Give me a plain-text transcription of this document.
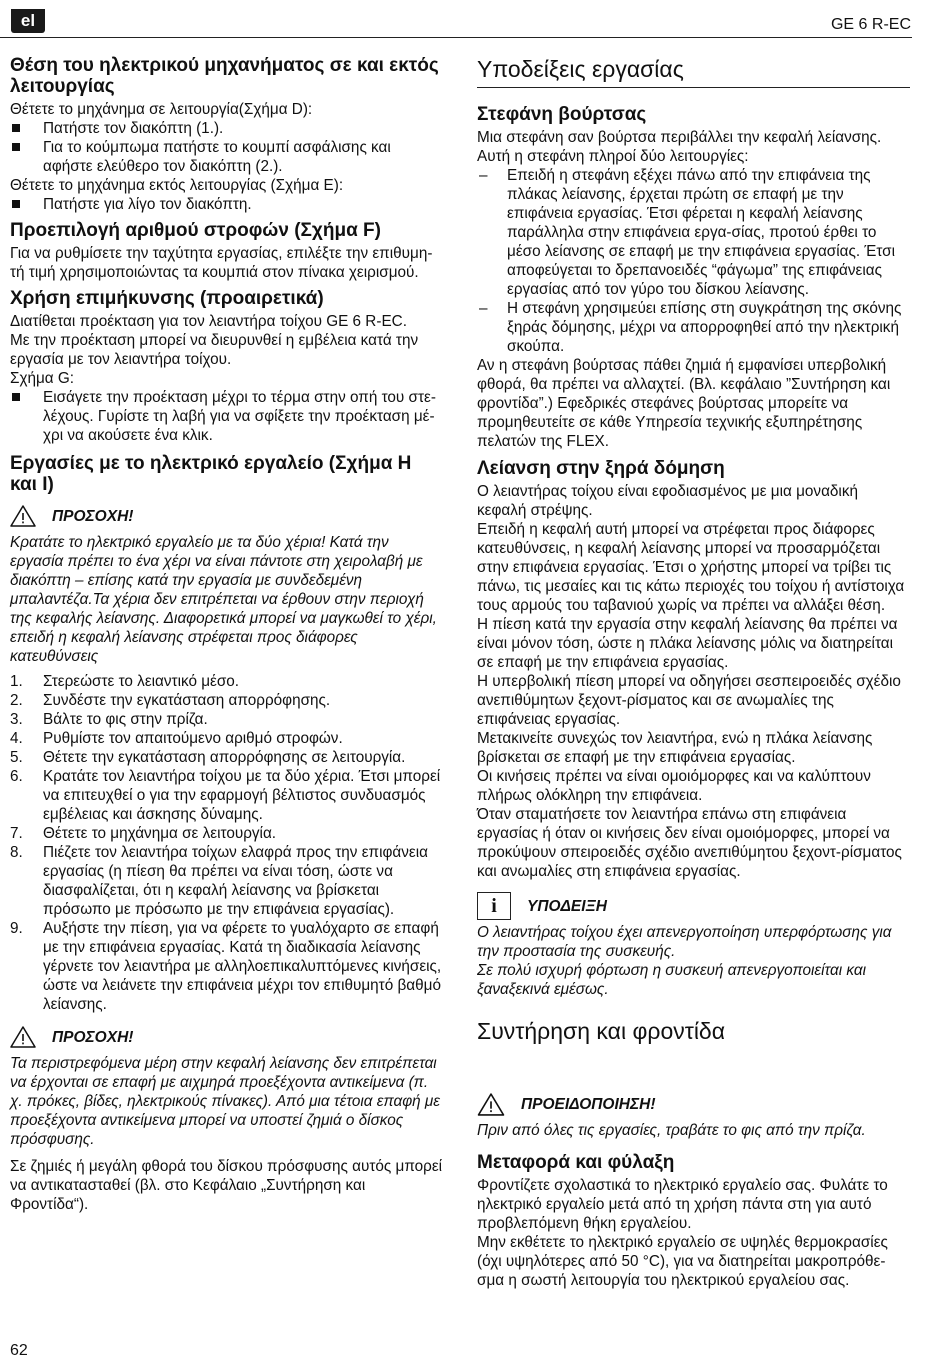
el	GE 6 R-EC
Θέση του ηλεκτρικού μηχανήματος σε και εκτός λειτουργίας
Θέτετε το μηχάνημα σε λειτουργία(Σχήμα D):
Πατήστε τον διακόπτη (1.).
Για το κούμπωμα πατήστε το κουμπί ασφάλισης και αφήστε ελεύθερο τον διακόπτη (2.).
Θέτετε το μηχάνημα εκτός λειτουργίας (Σχήμα E):
Πατήστε για λίγο τον διακόπτη.
Προεπιλογή αριθμού στροφών (Σχήμα F)

Για να ρυθμίσετε την ταχύτητα εργασίας, επιλέξτε την επιθυμη-τή τιμή χρησιμοποιώντας τα κουμπιά στον πίνακα χειρισμού.

Χρήση επιμήκυνσης (προαιρετικά)
Διατίθεται προέκταση για τον λειαντήρα τοίχου GE 6 R-EC.
Με την προέκταση μπορεί να διευρυνθεί η εμβέλεια κατά την εργασία με τον λειαντήρα τοίχου.
Σχήμα G:
Εισάγετε την προέκταση μέχρι το τέρμα στην οπή του στε-λέχους. Γυρίστε τη λαβή για να σφίξετε την προέκταση μέ-χρι να ακούσετε ένα κλικ.
Εργασίες με το ηλεκτρικό εργαλείο (Σχήμα H και I)
ΠΡΟΣΟΧΗ!

Κρατάτε το ηλεκτρικό εργαλείο με τα δύο χέρια! Κατά την εργασία πρέπει το ένα χέρι να είναι πάντοτε στη χειρολαβή με διακόπτη – επίσης κατά την εργασία με συνδεδεμένη μπαλαντέζα.Τα χέρια δεν επιτρέπεται να έρθουν στην περιοχή της κεφαλής λείανσης. Διαφορετικά μπορεί να μαγκωθεί το χέρι, επειδή η κεφαλή λείανσης στρέφεται προς διάφορες κατευθύνσεις

1. Στερεώστε το λειαντικό μέσο.
2. Συνδέστε την εγκατάσταση απορρόφησης.
3. Βάλτε το φις στην πρίζα.
4. Ρυθμίστε τον απαιτούμενο αριθμό στροφών.
5. Θέτετε την εγκατάσταση απορρόφησης σε λειτουργία.
6. Κρατάτε τον λειαντήρα τοίχου με τα δύο χέρια. Έτσι μπορεί να επιτευχθεί ο για την εφαρμογή βέλτιστος συνδυασμός εμβέλειας και άσκησης δύναμης.
7. Θέτετε το μηχάνημα σε λειτουργία.
8. Πιέζετε τον λειαντήρα τοίχων ελαφρά προς την επιφάνεια εργασίας (η πίεση θα πρέπει να είναι τόση, ώστε να διασφαλίζεται, ότι η κεφαλή λείανσης να βρίσκεται πρόσωπο με πρόσωπο με την επιφάνεια εργασίας).
9. Αυξήστε την πίεση, για να φέρετε το γυαλόχαρτο σε επαφή με την επιφάνεια εργασίας. Κατά τη διαδικασία λείανσης γέρνετε τον λειαντήρα με αλληλοεπικαλυπτόμενες κινήσεις, ώστε να λειάνετε την επιφάνεια μέχρι τον επιθυμητό βαθμό λείανσης.
ΠΡΟΣΟΧΗ!

Τα περιστρεφόμενα μέρη στην κεφαλή λείανσης δεν επιτρέπεται να έρχονται σε επαφή με αιχμηρά προεξέχοντα αντικείμενα (π. χ. πρόκες, βίδες, ηλεκτρικούς πίνακες). Από μια τέτοια επαφή με προεξέχοντα αντικείμενα μπορεί να υποστεί ζημιά ο δίσκος πρόσφυσης.

Σε ζημιές ή μεγάλη φθορά του δίσκου πρόσφυσης αυτός μπορεί να αντικατασταθεί (βλ. στο Κεφάλαιο „Συντήρηση και Φροντίδα“).

Υποδείξεις εργασίας
Στεφάνη βούρτσας
Μια στεφάνη σαν βούρτσα περιβάλλει την κεφαλή λείανσης.
Αυτή η στεφάνη πληροί δύο λειτουργίες:
– Επειδή η στεφάνη εξέχει πάνω από την επιφάνεια της πλάκας λείανσης, έρχεται πρώτη σε επαφή με την επιφάνεια εργασίας. Έτσι φέρεται η κεφαλή λείανσης παράλληλα στην επιφάνεια εργα-σίας, προτού έρθει το μέσο λείανσης σε επαφή με την επιφάνεια εργασίας. Έτσι αποφεύγεται το δρεπανοειδές “φάγωμα” της επιφάνειας εργασίας από τον γύρο του δίσκου λείανσης.
– Η στεφάνη χρησιμεύει επίσης στη συγκράτηση της σκόνης ξηράς δόμησης, μέχρι να απορροφηθεί από την ηλεκτρική σκούπα.
Αν η στεφάνη βούρτσας πάθει ζημιά ή εμφανίσει υπερβολική φθορά, θα πρέπει να αλλαχτεί. (Βλ. κεφάλαιο ”Συντήρηση και φροντίδα”.) Εφεδρικές στεφάνες βούρτσας μπορείτε να προμηθευτείτε σε κάθε Υπηρεσία τεχνικής εξυπηρέτησης πελατών της FLEX.
Λείανση στην ξηρά δόμηση
Ο λειαντήρας τοίχου είναι εφοδιασμένος με μια μοναδική κεφαλή στρέψης.
Επειδή η κεφαλή αυτή μπορεί να στρέφεται προς διάφορες κατευθύνσεις, η κεφαλή λείανσης μπορεί να προσαρμόζεται στην επιφάνεια εργασίας. Έτσι ο χρήστης μπορεί να τρίβει τις πάνω, τις μεσαίες και τις κάτω περιοχές του τοίχου ή αντίστοιχα τους αρμούς του ταβανιού χωρίς να πρέπει να αλλάξει θέση.
Η πίεση κατά την εργασία στην κεφαλή λείανσης θα πρέπει να είναι μόνον τόση, ώστε η πλάκα λείανσης μόλις να διατηρείται σε επαφή με την επιφάνεια εργασίας.
Η υπερβολική πίεση μπορεί να οδηγήσει σεσπειροειδές σχέδιο ανεπιθύμητων ξεχοντ-ρίσματος και σε ανωμαλίες της επιφάνειας εργασίας.
Μετακινείτε συνεχώς τον λειαντήρα, ενώ η πλάκα λείανσης βρίσκεται σε επαφή με την επιφάνεια εργασίας.
Οι κινήσεις πρέπει να είναι ομοιόμορφες και να καλύπτουν πλήρως ολόκληρη την επιφάνεια.
Όταν σταματήσετε τον λειαντήρα επάνω στη επιφάνεια εργασίας ή όταν οι κινήσεις δεν είναι ομοιόμορφες, μπορεί να προκύψουν σπειροειδές σχέδιο ανεπιθύμητου ξεχοντ-ρίσματος και ανωμαλίες στη επιφάνεια εργασίας.
i ΥΠΟΔΕΙΞΗ
Ο λειαντήρας τοίχου έχει απενεργοποίηση υπερφόρτωσης για την προστασία της συσκευής.
Σε πολύ ισχυρή φόρτωση η συσκευή απενεργοποιείται και ξαναξεκινά εμέσως.
Συντήρηση και φροντίδα
ΠΡΟΕΙΔΟΠΟΙΗΣΗ!

Πριν από όλες τις εργασίες, τραβάτε το φις από την πρίζα.

Μεταφορά και φύλαξη
Φροντίζετε σχολαστικά το ηλεκτρικό εργαλείο σας. Φυλάτε το ηλεκτρικό εργαλείο μετά από τη χρήση πάντα στη για αυτό προβλεπόμενη θήκη εργαλείου.
Μην εκθέτετε το ηλεκτρικό εργαλείο σε υψηλές θερμοκρασίες (όχι υψηλότερες από 50 °C), για να διατηρείται μακροπρόθε-σμα η σωστή λειτουργία του ηλεκτρικού εργαλείου σας.
62
